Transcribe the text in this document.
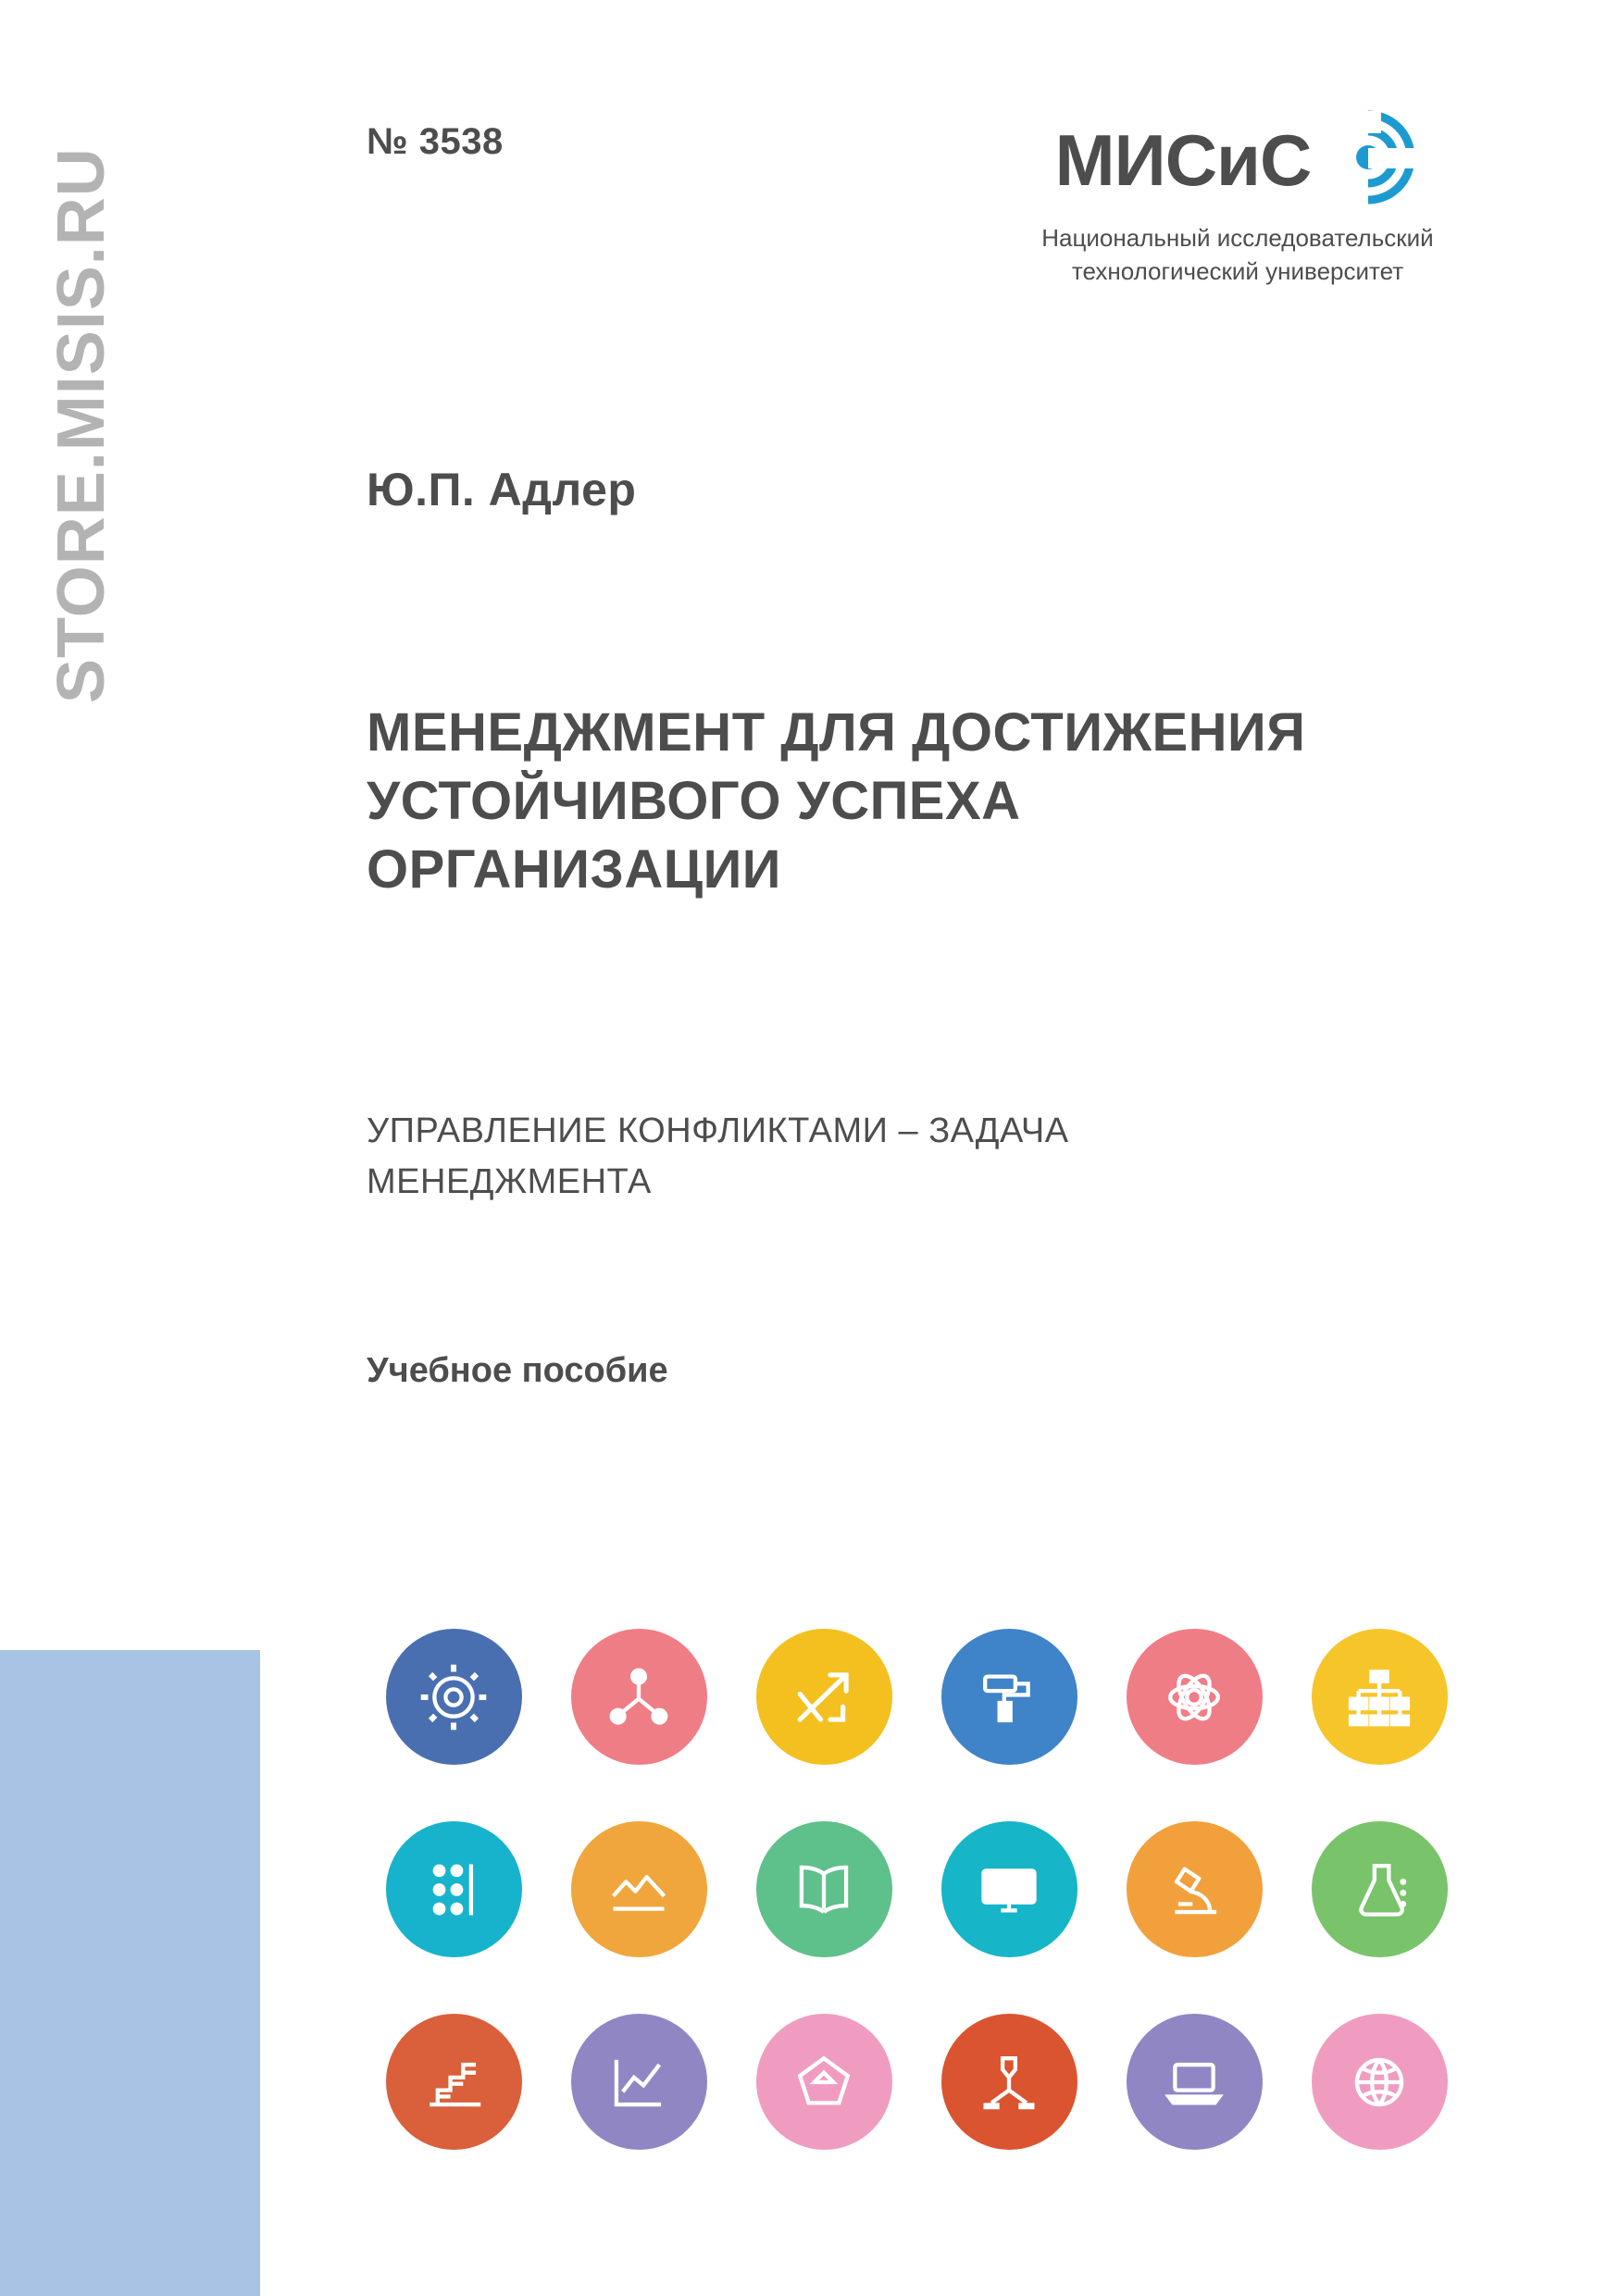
STORE.MISIS.RU
№ 3538	МИСиС
Национальный исследовательский
технологический университет
Ю.П. Адлер
МЕНЕДЖМЕНТ ДЛЯ ДОСТИЖЕНИЯ УСТОЙЧИВОГО УСПЕХА ОРГАНИЗАЦИИ
УПРАВЛЕНИЕ КОНФЛИКТАМИ – ЗАДАЧА МЕНЕДЖМЕНТА
Учебное пособие
